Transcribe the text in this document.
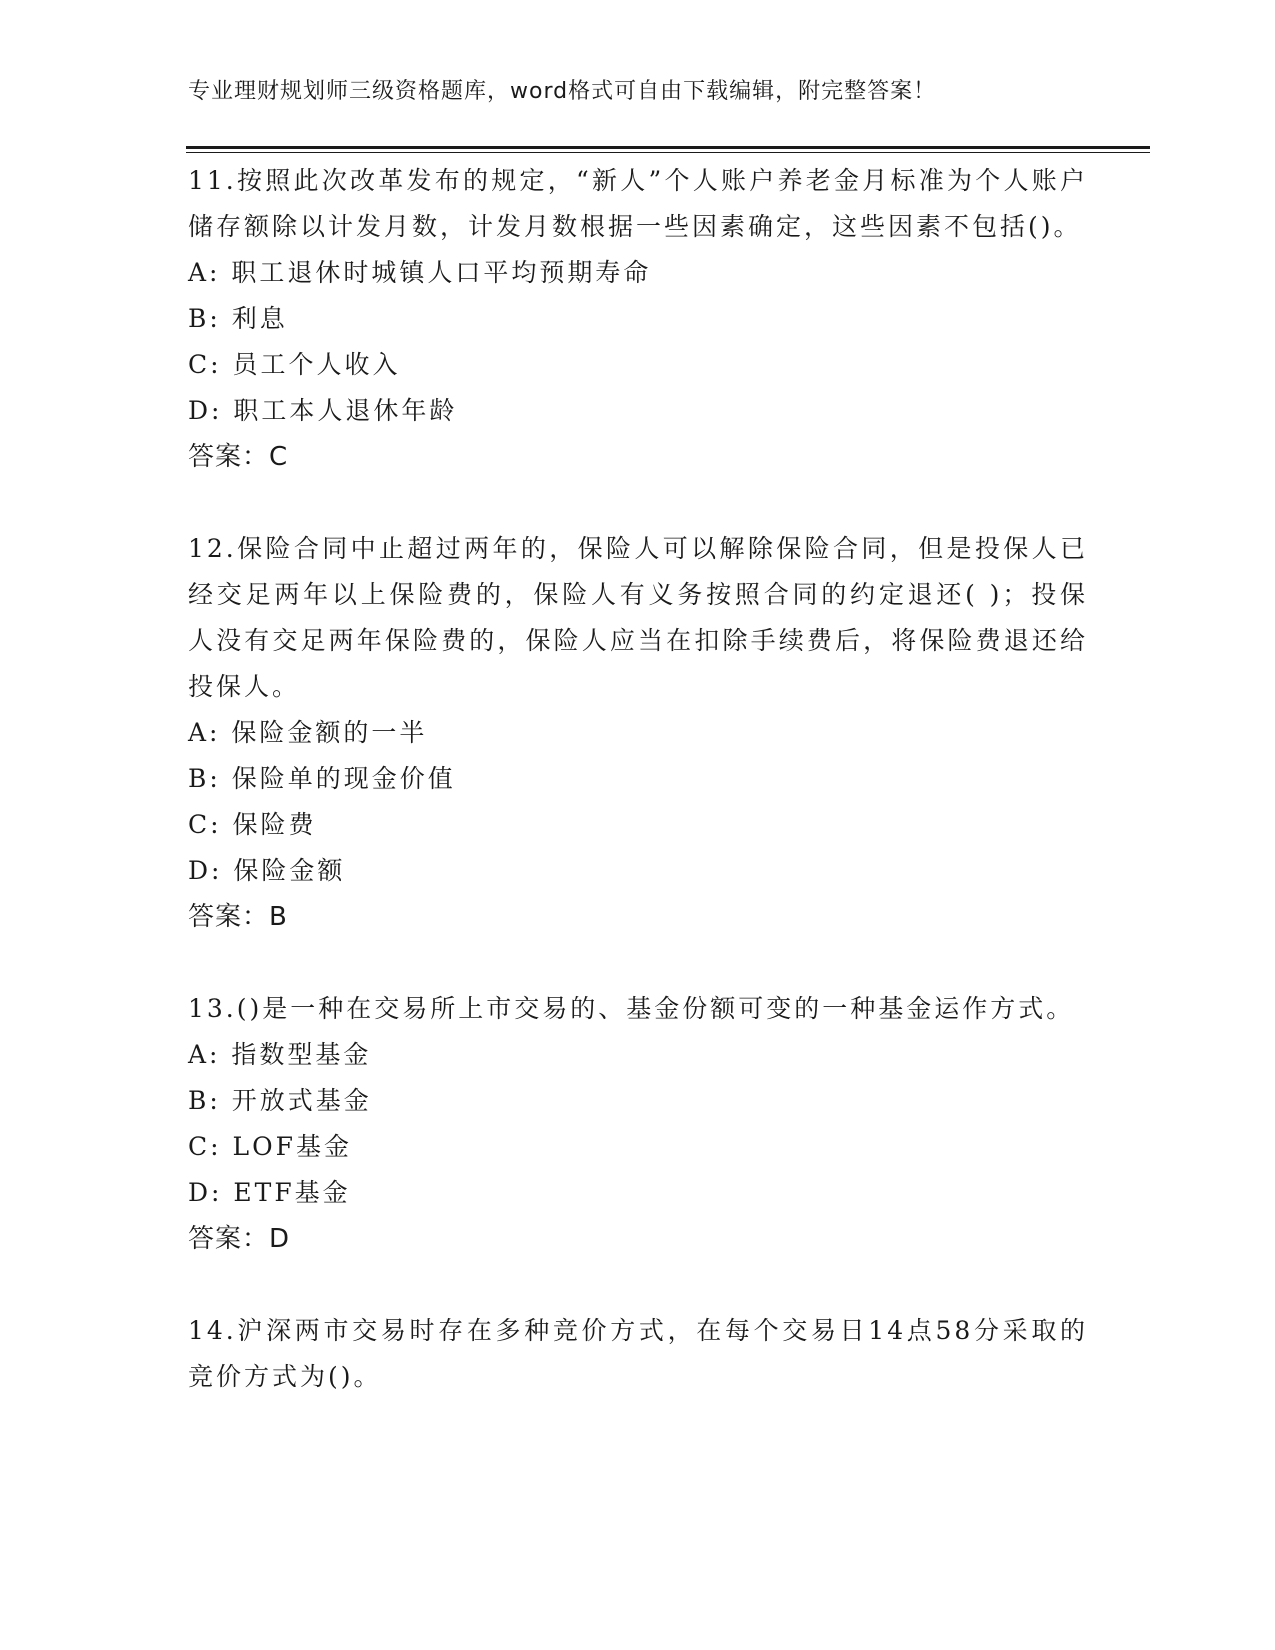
专业理财规划师三级资格题库，word格式可自由下载编辑，附完整答案！

11.按照此次改革发布的规定，“新人”个人账户养老金月标准为个人账户储存额除以计发月数，计发月数根据一些因素确定，这些因素不包括()。

A: 职工退休时城镇人口平均预期寿命

B: 利息

C: 员工个人收入

D: 职工本人退休年龄

答案：C

12.保险合同中止超过两年的，保险人可以解除保险合同，但是投保人已经交足两年以上保险费的，保险人有义务按照合同的约定退还( )；投保人没有交足两年保险费的，保险人应当在扣除手续费后，将保险费退还给投保人。

A: 保险金额的一半

B: 保险单的现金价值

C: 保险费

D: 保险金额

答案：B

13.()是一种在交易所上市交易的、基金份额可变的一种基金运作方式。

A: 指数型基金

B: 开放式基金

C: LOF基金

D: ETF基金

答案：D

14.沪深两市交易时存在多种竞价方式，在每个交易日14点58分采取的竞价方式为()。
